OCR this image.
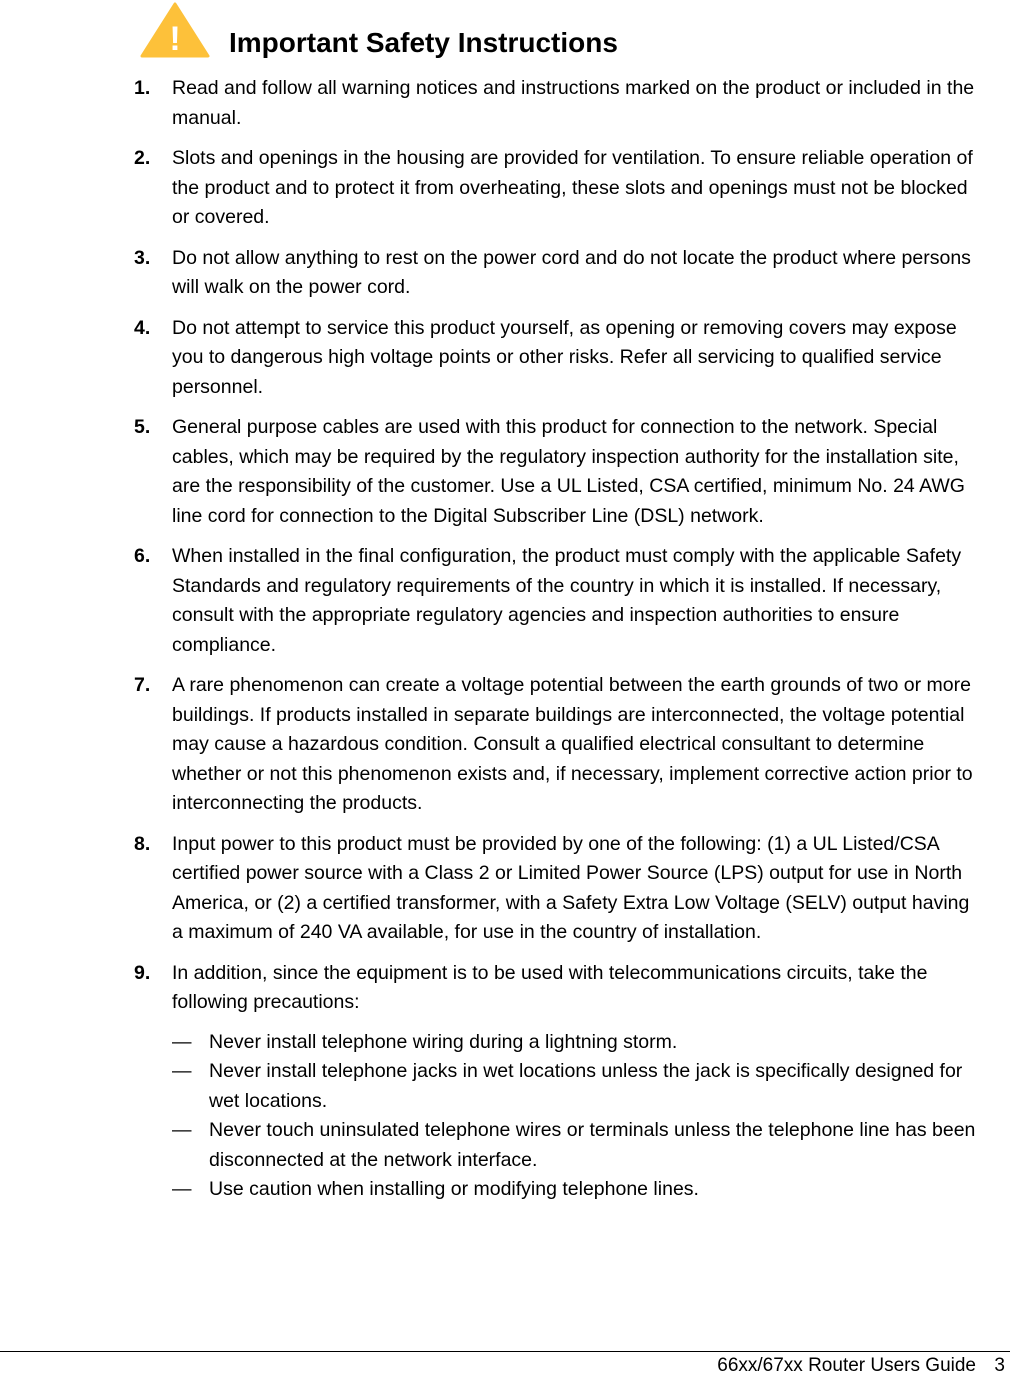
! Important Safety Instructions
1. Read and follow all warning notices and instructions marked on the product or included in the manual.
2. Slots and openings in the housing are provided for ventilation. To ensure reliable operation of the product and to protect it from overheating, these slots and openings must not be blocked or covered.
3. Do not allow anything to rest on the power cord and do not locate the product where persons will walk on the power cord.
4. Do not attempt to service this product yourself, as opening or removing covers may expose you to dangerous high voltage points or other risks. Refer all servicing to qualified service personnel.
5. General purpose cables are used with this product for connection to the network. Special cables, which may be required by the regulatory inspection authority for the installation site, are the responsibility of the customer. Use a UL Listed, CSA certified, minimum No. 24 AWG line cord for connection to the Digital Subscriber Line (DSL) network.
6. When installed in the final configuration, the product must comply with the applicable Safety Standards and regulatory requirements of the country in which it is installed. If necessary, consult with the appropriate regulatory agencies and inspection authorities to ensure compliance.
7. A rare phenomenon can create a voltage potential between the earth grounds of two or more buildings. If products installed in separate buildings are interconnected, the voltage potential may cause a hazardous condition. Consult a qualified electrical consultant to determine whether or not this phenomenon exists and, if necessary, implement corrective action prior to interconnecting the products.
8. Input power to this product must be provided by one of the following: (1) a UL Listed/CSA certified power source with a Class 2 or Limited Power Source (LPS) output for use in North America, or (2) a certified transformer, with a Safety Extra Low Voltage (SELV) output having a maximum of 240 VA available, for use in the country of installation.
9. In addition, since the equipment is to be used with telecommunications circuits, take the following precautions:
— Never install telephone wiring during a lightning storm.
— Never install telephone jacks in wet locations unless the jack is specifically designed for wet locations.
— Never touch uninsulated telephone wires or terminals unless the telephone line has been disconnected at the network interface.
— Use caution when installing or modifying telephone lines.
66xx/67xx Router Users Guide 3
